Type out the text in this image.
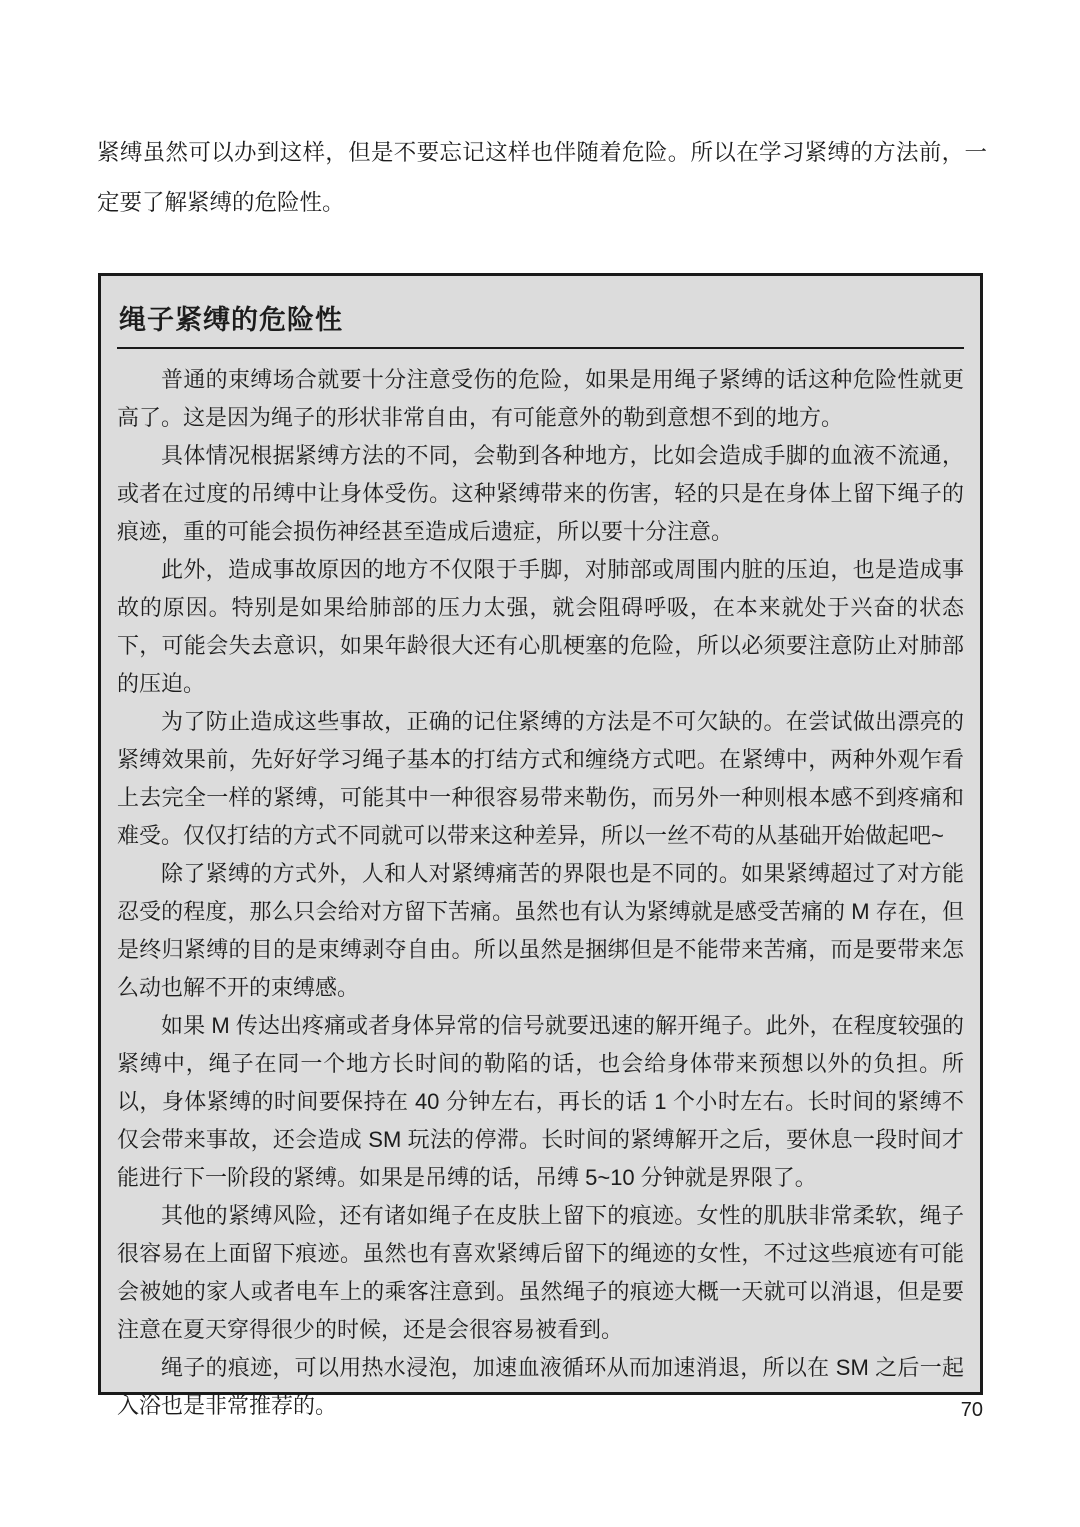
紧缚虽然可以办到这样，但是不要忘记这样也伴随着危险。所以在学习紧缚的方法前，一定要了解紧缚的危险性。

绳子紧缚的危险性

普通的束缚场合就要十分注意受伤的危险，如果是用绳子紧缚的话这种危险性就更高了。这是因为绳子的形状非常自由，有可能意外的勒到意想不到的地方。

具体情况根据紧缚方法的不同，会勒到各种地方，比如会造成手脚的血液不流通，或者在过度的吊缚中让身体受伤。这种紧缚带来的伤害，轻的只是在身体上留下绳子的痕迹，重的可能会损伤神经甚至造成后遗症，所以要十分注意。

此外，造成事故原因的地方不仅限于手脚，对肺部或周围内脏的压迫，也是造成事故的原因。特别是如果给肺部的压力太强，就会阻碍呼吸，在本来就处于兴奋的状态下，可能会失去意识，如果年龄很大还有心肌梗塞的危险，所以必须要注意防止对肺部的压迫。

为了防止造成这些事故，正确的记住紧缚的方法是不可欠缺的。在尝试做出漂亮的紧缚效果前，先好好学习绳子基本的打结方式和缠绕方式吧。在紧缚中，两种外观乍看上去完全一样的紧缚，可能其中一种很容易带来勒伤，而另外一种则根本感不到疼痛和难受。仅仅打结的方式不同就可以带来这种差异，所以一丝不苟的从基础开始做起吧~

除了紧缚的方式外，人和人对紧缚痛苦的界限也是不同的。如果紧缚超过了对方能忍受的程度，那么只会给对方留下苦痛。虽然也有认为紧缚就是感受苦痛的 M 存在，但是终归紧缚的目的是束缚剥夺自由。所以虽然是捆绑但是不能带来苦痛，而是要带来怎么动也解不开的束缚感。

如果 M 传达出疼痛或者身体异常的信号就要迅速的解开绳子。此外，在程度较强的紧缚中，绳子在同一个地方长时间的勒陷的话，也会给身体带来预想以外的负担。所以，身体紧缚的时间要保持在 40 分钟左右，再长的话 1 个小时左右。长时间的紧缚不仅会带来事故，还会造成 SM 玩法的停滞。长时间的紧缚解开之后，要休息一段时间才能进行下一阶段的紧缚。如果是吊缚的话，吊缚 5~10 分钟就是界限了。

其他的紧缚风险，还有诸如绳子在皮肤上留下的痕迹。女性的肌肤非常柔软，绳子很容易在上面留下痕迹。虽然也有喜欢紧缚后留下的绳迹的女性，不过这些痕迹有可能会被她的家人或者电车上的乘客注意到。虽然绳子的痕迹大概一天就可以消退，但是要注意在夏天穿得很少的时候，还是会很容易被看到。

绳子的痕迹，可以用热水浸泡，加速血液循环从而加速消退，所以在 SM 之后一起入浴也是非常推荐的。	70
